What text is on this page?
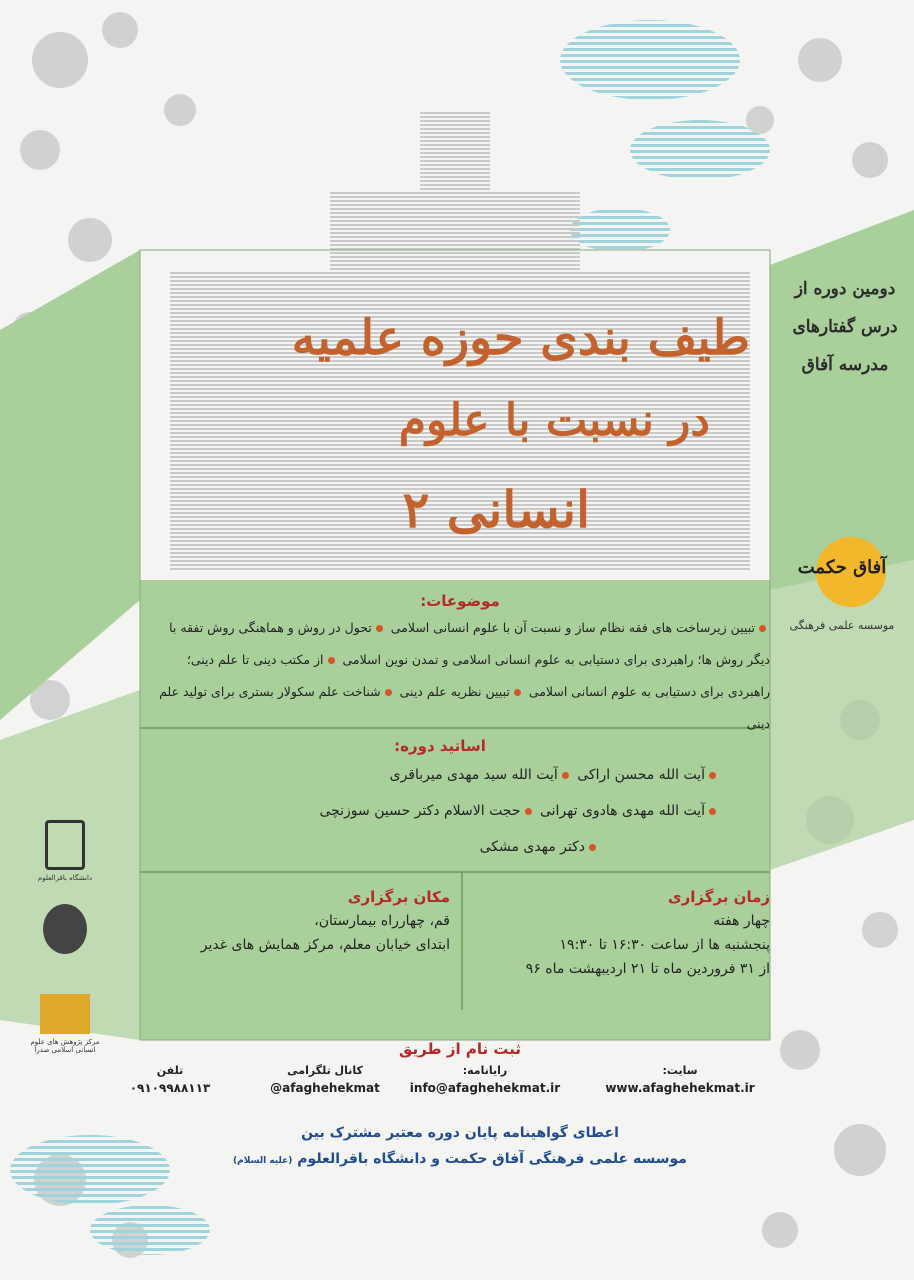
طیف بندی حوزه علمیه
در نسبت با علوم
انسانی ۲
دومین دوره از
درس گفتارهای
مدرسه آفاق
آفاق حکمت
موسسه علمی فرهنگی
موضوعات:
تبیین زیرساخت های فقه نظام ساز و نسبت آن با علوم انسانی اسلامی تحول در روش و هماهنگی روش تفقه با دیگر روش ها؛ راهبردی برای دستیابی به علوم انسانی اسلامی و تمدن نوین اسلامی از مکتب دینی تا علم دینی؛ راهبردی برای دستیابی به علوم انسانی اسلامی تبیین نظریه علم دینی شناخت علم سکولار بستری برای تولید علم دینی
اساتید دوره:
آیت الله محسن اراکی آیت الله سید مهدی میرباقری
آیت الله مهدی هادوی تهرانی حجت الاسلام دکتر حسین سوزنچی
دکتر مهدی مشکی
زمان برگزاری
چهار هفته
پنجشنبه ها از ساعت ۱۶:۳۰ تا ۱۹:۳۰
از ۳۱ فروردین ماه تا ۲۱ اردیبهشت ماه ۹۶
مکان برگزاری
قم، چهارراه بیمارستان،
ابتدای خیابان معلم، مرکز همایش های غدیر
ثبت نام از طریق
سایت:
www.afaghehekmat.ir
رایانامه:
info@afaghehekmat.ir
کانال تلگرامی
@afaghehekmat
تلفن
۰۹۱۰۹۹۸۸۱۱۳
اعطای گواهینامه پایان دوره معتبر مشترک بین
موسسه علمی فرهنگی آفاق حکمت و دانشگاه باقرالعلوم (علیه السلام)
دانشگاه باقرالعلوم
مرکز پژوهش های علوم انسانی اسلامی صدرا
